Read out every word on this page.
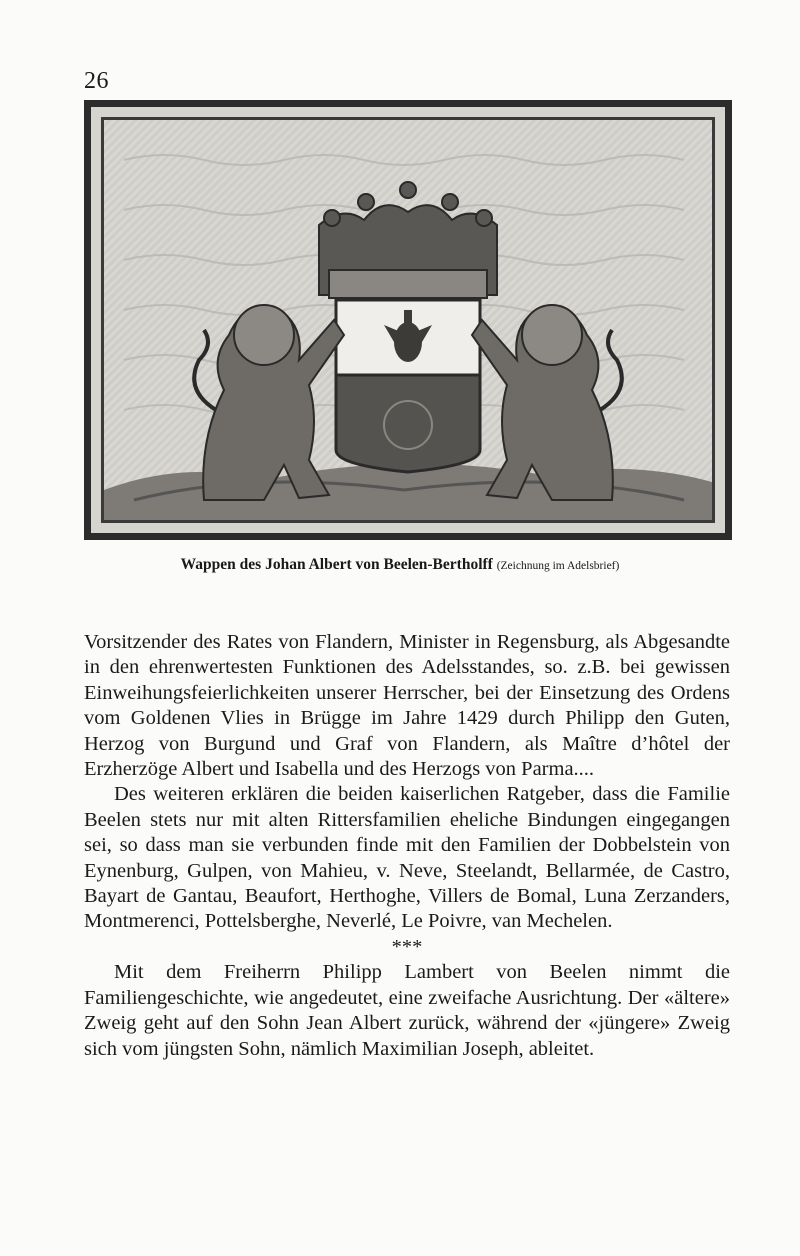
26
Wappen des Johan Albert von Beelen-Bertholff (Zeichnung im Adelsbrief)

Vorsitzender des Rates von Flandern, Minister in Regensburg, als Abgesandte in den ehrenwertesten Funktionen des Adelsstandes, so. z.B. bei gewissen Einweihungsfeierlichkeiten unserer Herrscher, bei der Einsetzung des Ordens vom Goldenen Vlies in Brügge im Jahre 1429 durch Philipp den Guten, Herzog von Burgund und Graf von Flandern, als Maître d’hôtel der Erzherzöge Albert und Isabella und des Herzogs von Parma....

Des weiteren erklären die beiden kaiserlichen Ratgeber, dass die Familie Beelen stets nur mit alten Rittersfamilien eheliche Bindungen eingegangen sei, so dass man sie verbunden finde mit den Familien der Dobbelstein von Eynenburg, Gulpen, von Mahieu, v. Neve, Steelandt, Bellarmée, de Castro, Bayart de Gantau, Beaufort, Herthoghe, Villers de Bomal, Luna Zerzanders, Montmerenci, Pottelsberghe, Neverlé, Le Poivre, van Mechelen.

***

Mit dem Freiherrn Philipp Lambert von Beelen nimmt die Familiengeschichte, wie angedeutet, eine zweifache Ausrichtung. Der «ältere» Zweig geht auf den Sohn Jean Albert zurück, während der «jüngere» Zweig sich vom jüngsten Sohn, nämlich Maximilian Joseph, ableitet.
